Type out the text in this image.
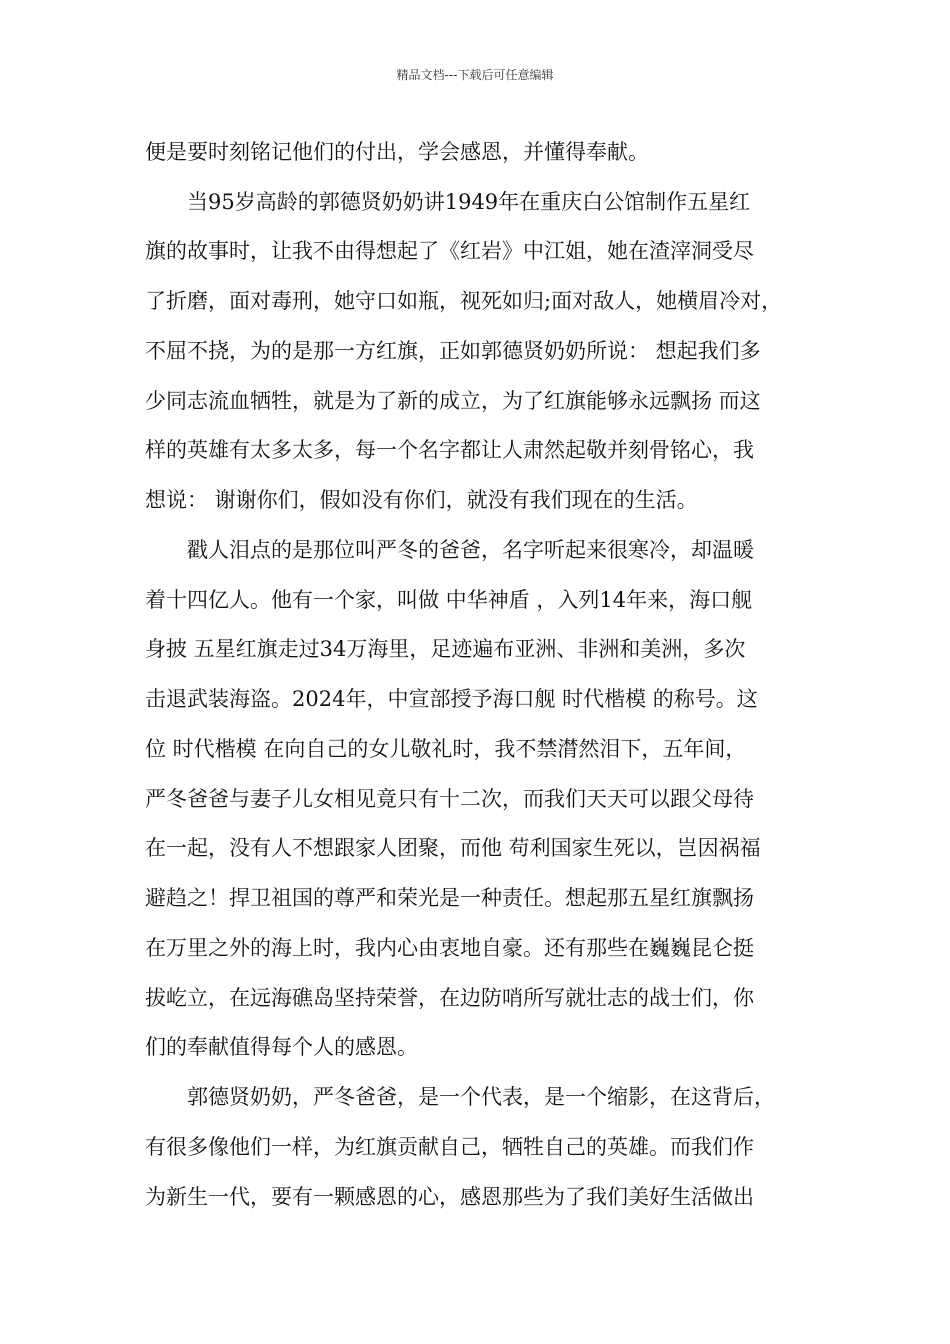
精品文档---下载后可任意编辑
便是要时刻铭记他们的付出，学会感恩，并懂得奉献。
　　当95岁高龄的郭德贤奶奶讲1949年在重庆白公馆制作五星红
旗的故事时，让我不由得想起了《红岩》中江姐，她在渣滓洞受尽
了折磨，面对毒刑，她守口如瓶，视死如归;面对敌人，她横眉冷对，
不屈不挠，为的是那一方红旗，正如郭德贤奶奶所说： 想起我们多
少同志流血牺牲，就是为了新的成立，为了红旗能够永远飘扬 而这
样的英雄有太多太多，每一个名字都让人肃然起敬并刻骨铭心，我
想说： 谢谢你们，假如没有你们，就没有我们现在的生活。
　　戳人泪点的是那位叫严冬的爸爸，名字听起来很寒冷，却温暖
着十四亿人。他有一个家，叫做 中华神盾 ，入列14年来，海口舰
身披 五星红旗走过34万海里，足迹遍布亚洲、非洲和美洲，多次
击退武装海盗。2024年，中宣部授予海口舰 时代楷模 的称号。这
位 时代楷模 在向自己的女儿敬礼时，我不禁潸然泪下，五年间，
严冬爸爸与妻子儿女相见竟只有十二次，而我们天天可以跟父母待
在一起，没有人不想跟家人团聚，而他 苟利国家生死以，岂因祸福
避趋之！捍卫祖国的尊严和荣光是一种责任。想起那五星红旗飘扬
在万里之外的海上时，我内心由衷地自豪。还有那些在巍巍昆仑挺
拔屹立，在远海礁岛坚持荣誉，在边防哨所写就壮志的战士们，你
们的奉献值得每个人的感恩。
　　郭德贤奶奶，严冬爸爸，是一个代表，是一个缩影，在这背后，
有很多像他们一样，为红旗贡献自己，牺牲自己的英雄。而我们作
为新生一代，要有一颗感恩的心，感恩那些为了我们美好生活做出
